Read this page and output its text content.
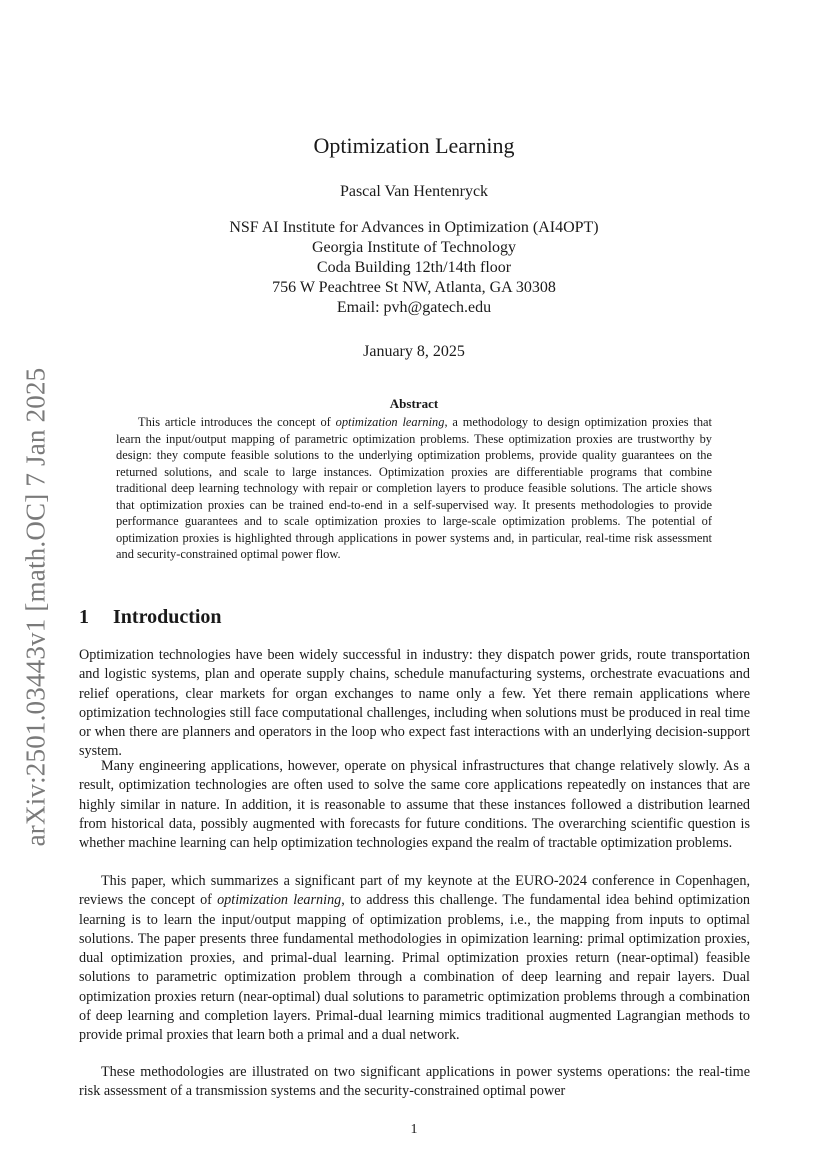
arXiv:2501.03443v1 [math.OC] 7 Jan 2025
Optimization Learning
Pascal Van Hentenryck
NSF AI Institute for Advances in Optimization (AI4OPT)
Georgia Institute of Technology
Coda Building 12th/14th floor
756 W Peachtree St NW, Atlanta, GA 30308
Email: pvh@gatech.edu
January 8, 2025
Abstract

This article introduces the concept of optimization learning, a methodology to design optimization proxies that learn the input/output mapping of parametric optimization problems. These optimization proxies are trustworthy by design: they compute feasible solutions to the underlying optimization problems, provide quality guarantees on the returned solutions, and scale to large instances. Optimization proxies are differentiable programs that combine traditional deep learning technology with repair or completion layers to produce feasible solutions. The article shows that optimization proxies can be trained end-to-end in a self-supervised way. It presents methodologies to provide performance guarantees and to scale optimization proxies to large-scale optimization problems. The potential of optimization proxies is highlighted through applications in power systems and, in particular, real-time risk assessment and security-constrained optimal power flow.

1 Introduction

Optimization technologies have been widely successful in industry: they dispatch power grids, route transportation and logistic systems, plan and operate supply chains, schedule manufacturing systems, orchestrate evacuations and relief operations, clear markets for organ exchanges to name only a few. Yet there remain applications where optimization technologies still face computational challenges, including when solutions must be produced in real time or when there are planners and operators in the loop who expect fast interactions with an underlying decision-support system.

Many engineering applications, however, operate on physical infrastructures that change relatively slowly. As a result, optimization technologies are often used to solve the same core applications repeatedly on instances that are highly similar in nature. In addition, it is reasonable to assume that these instances followed a distribution learned from historical data, possibly augmented with forecasts for future conditions. The overarching scientific question is whether machine learning can help optimization technologies expand the realm of tractable optimization problems.

This paper, which summarizes a significant part of my keynote at the EURO-2024 conference in Copenhagen, reviews the concept of optimization learning, to address this challenge. The fundamental idea behind optimization learning is to learn the input/output mapping of optimization problems, i.e., the mapping from inputs to optimal solutions. The paper presents three fundamental methodologies in opimization learning: primal optimization proxies, dual optimization proxies, and primal-dual learning. Primal optimization proxies return (near-optimal) feasible solutions to parametric optimization problem through a combination of deep learning and repair layers. Dual optimization proxies return (near-optimal) dual solutions to parametric optimization problems through a combination of deep learning and completion layers. Primal-dual learning mimics traditional augmented Lagrangian methods to provide primal proxies that learn both a primal and a dual network.

These methodologies are illustrated on two significant applications in power systems operations: the real-time risk assessment of a transmission systems and the security-constrained optimal power

1
